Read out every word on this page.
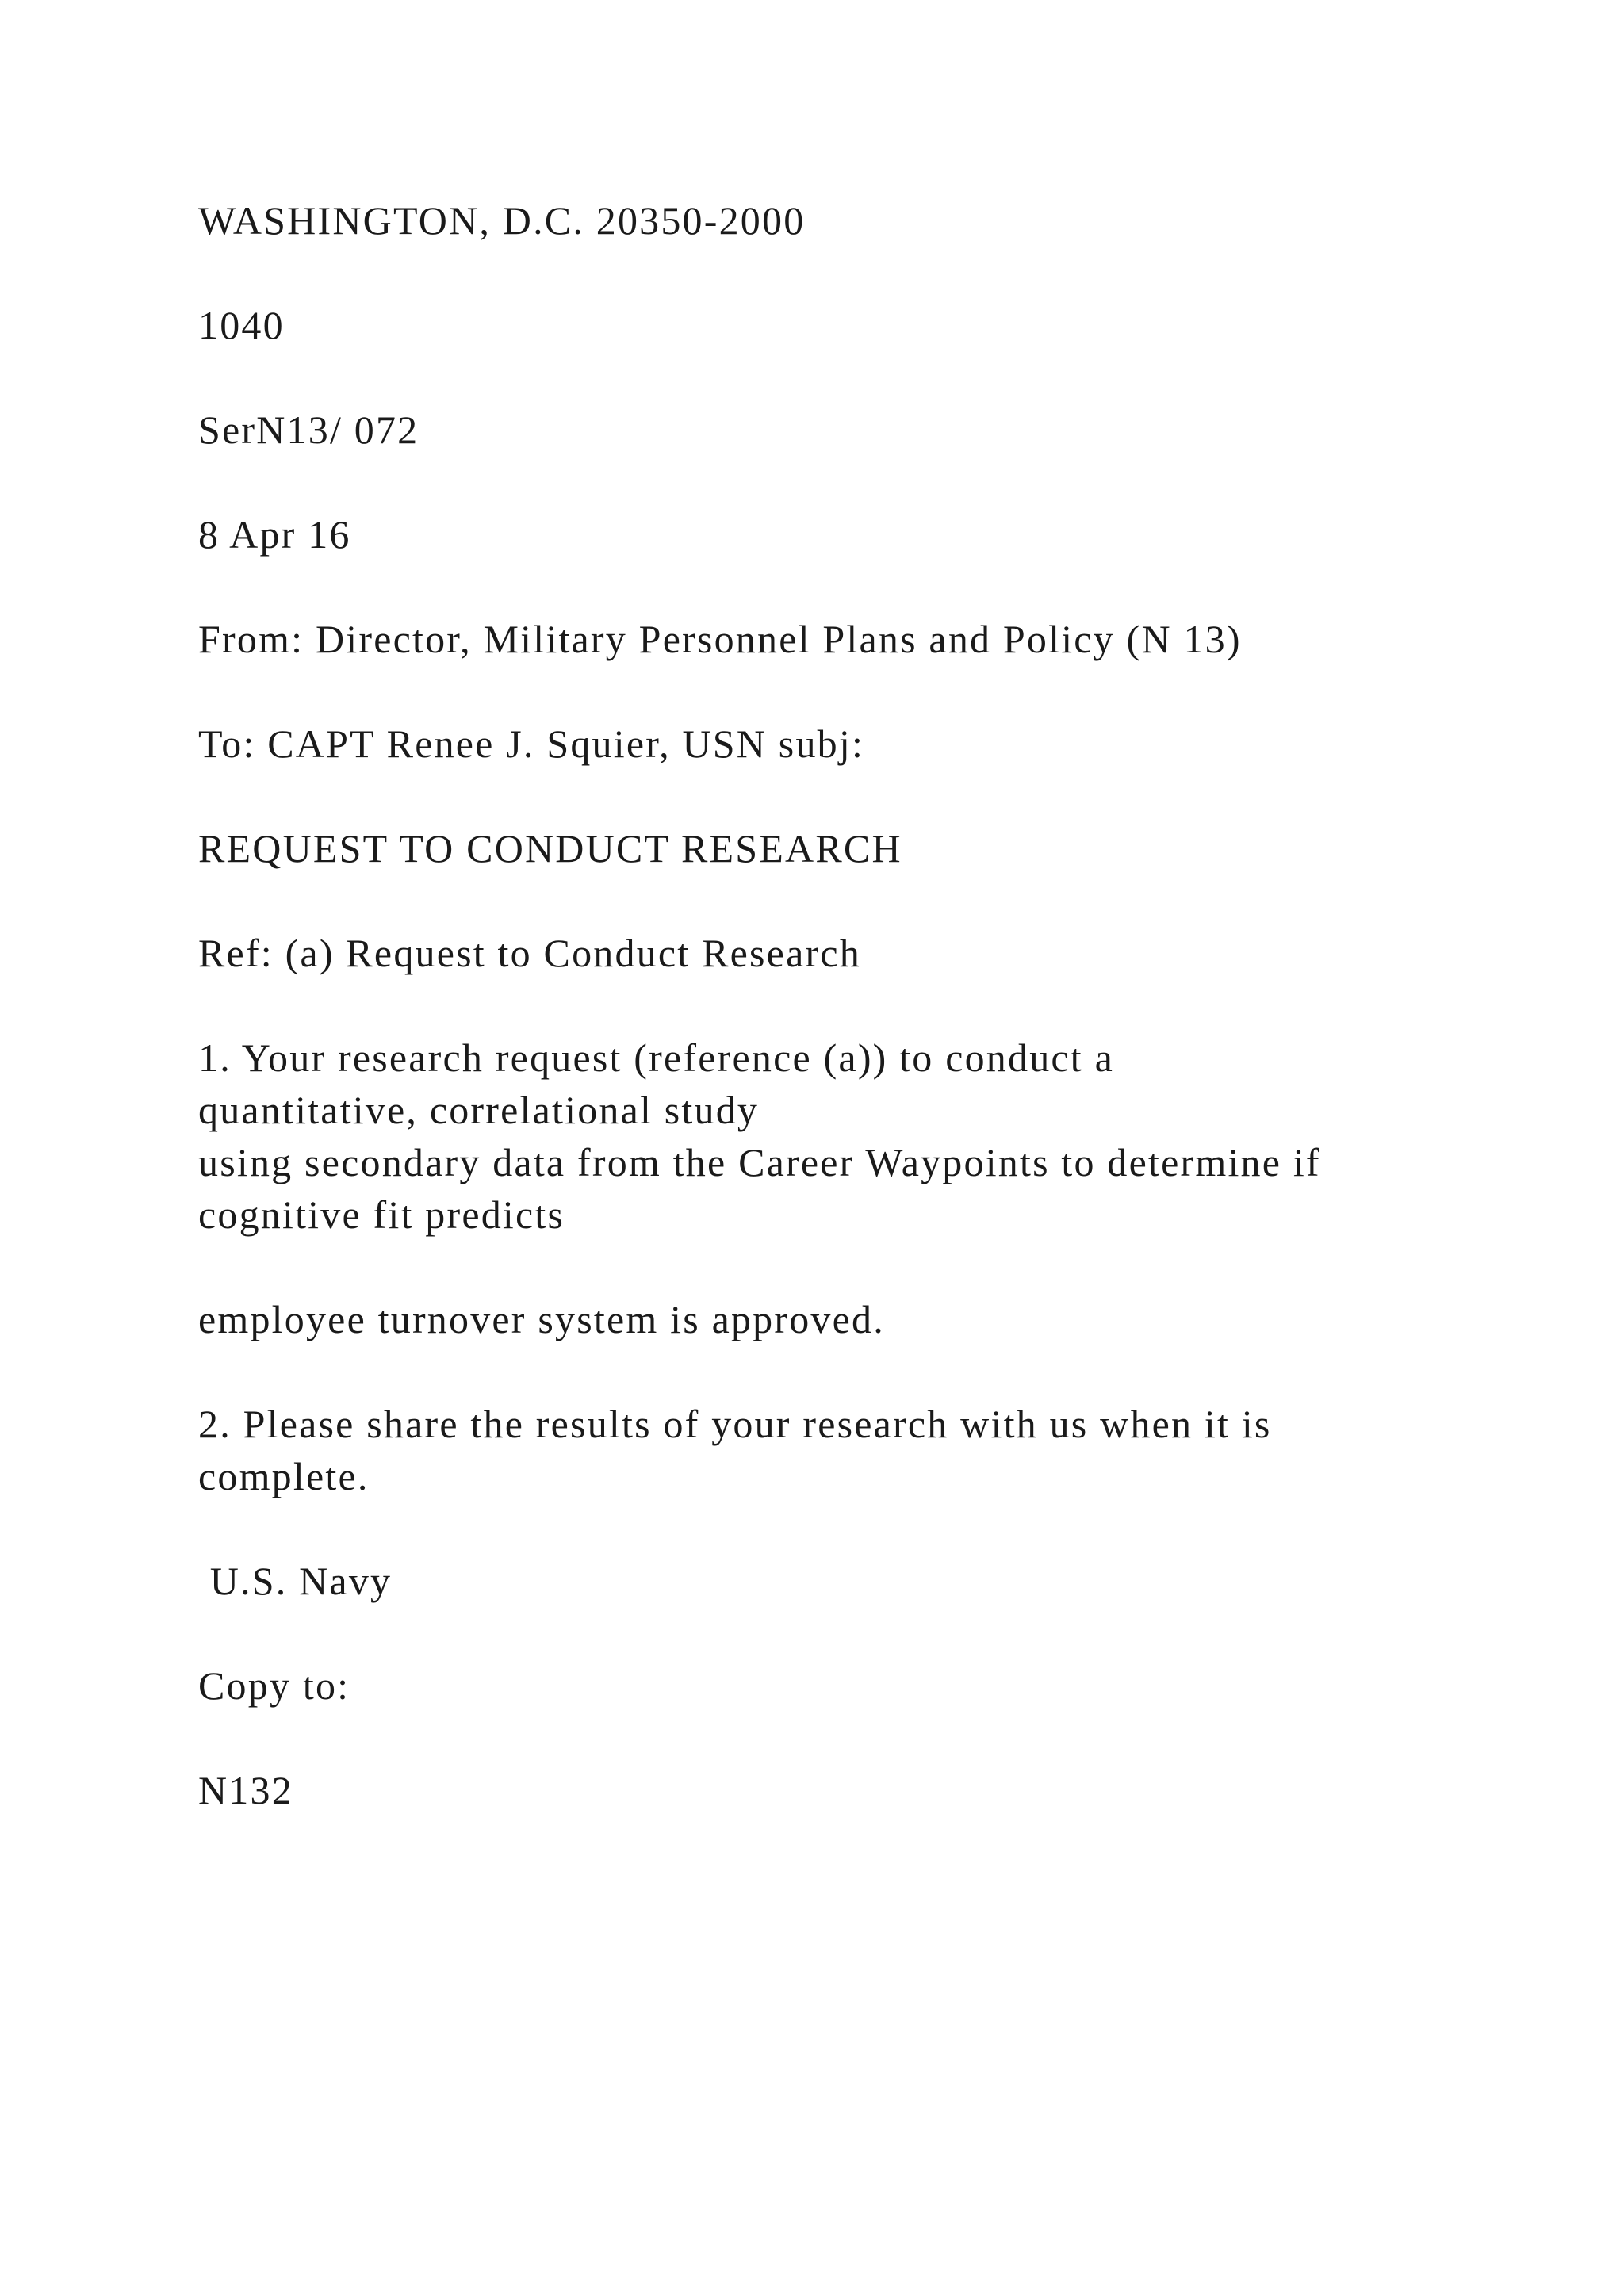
WASHINGTON, D.C. 20350-2000
1040
SerN13/ 072
8 Apr 16
From: Director, Military Personnel Plans and Policy (N 13)
To: CAPT Renee J. Squier, USN subj:
REQUEST TO CONDUCT RESEARCH
Ref: (a) Request to Conduct Research
1. Your research request (reference (a)) to conduct a
quantitative, correlational study
using secondary data from the Career Waypoints to determine if
cognitive fit predicts
employee turnover system is approved.
2. Please share the results of your research with us when it is
complete.
U.S. Navy
Copy to:
N132
